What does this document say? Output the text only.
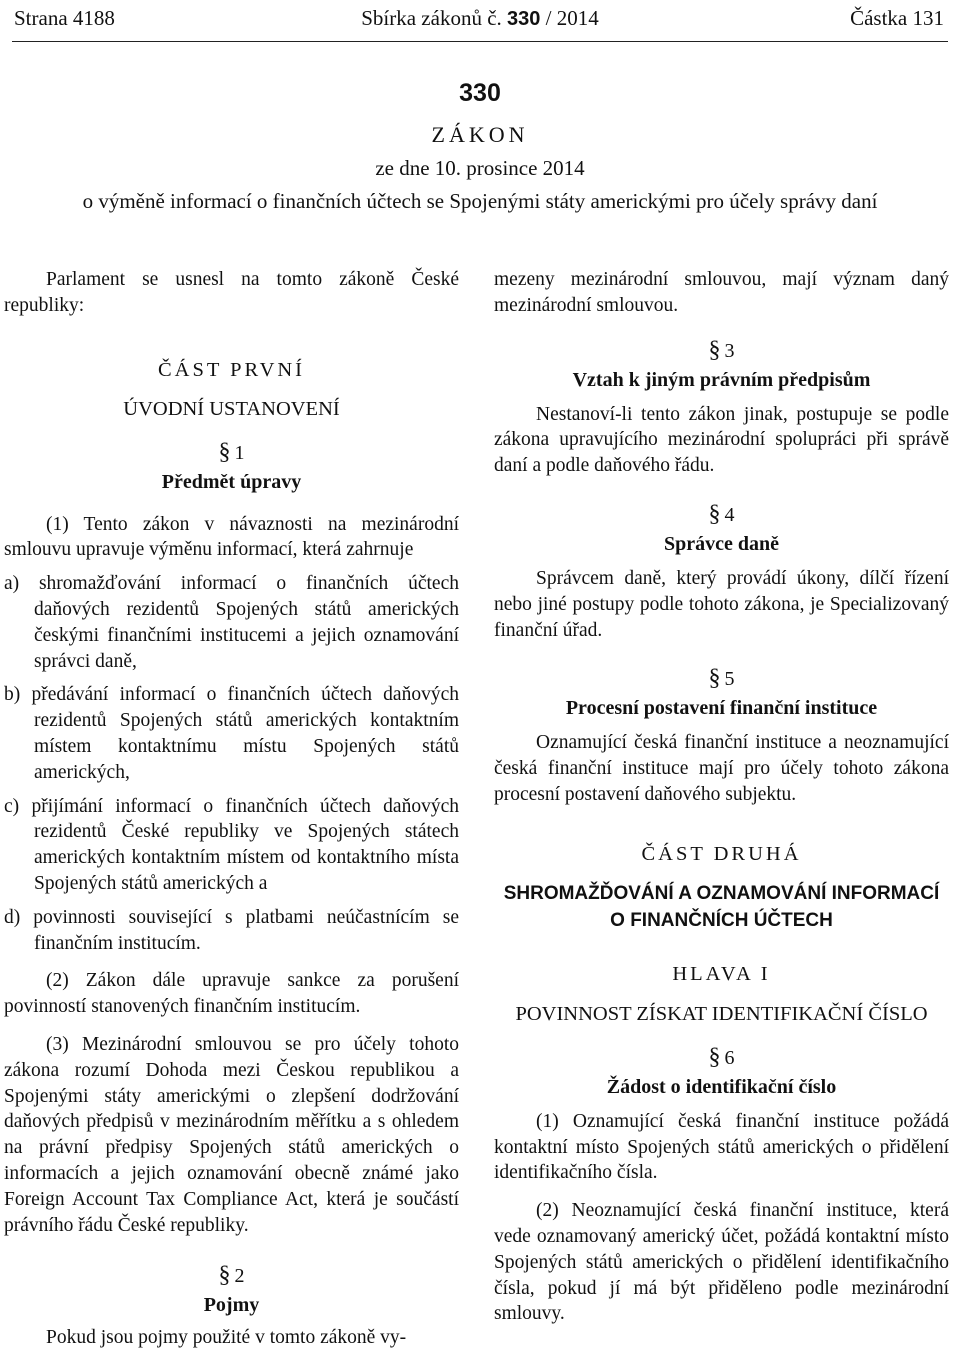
Strana 4188	Sbírka zákonů č. 330 / 2014	Částka 131
330
ZÁKON
ze dne 10. prosince 2014
o výměně informací o finančních účtech se Spojenými státy americkými pro účely správy daní

Parlament se usnesl na tomto zákoně České republiky:

ČÁST PRVNÍ
ÚVODNÍ USTANOVENÍ
§ 1
Předmět úpravy

(1) Tento zákon v návaznosti na mezinárodní smlouvu upravuje výměnu informací, která zahrnuje

a) shromažďování informací o finančních účtech daňových rezidentů Spojených států amerických českými finančními institucemi a jejich oznamování správci daně,

b) předávání informací o finančních účtech daňových rezidentů Spojených států amerických kontaktním místem kontaktnímu místu Spojených států amerických,

c) přijímání informací o finančních účtech daňových rezidentů České republiky ve Spojených státech amerických kontaktním místem od kontaktního místa Spojených států amerických a

d) povinnosti související s platbami neúčastnícím se finančním institucím.

(2) Zákon dále upravuje sankce za porušení povinností stanovených finančním institucím.

(3) Mezinárodní smlouvou se pro účely tohoto zákona rozumí Dohoda mezi Českou republikou a Spojenými státy americkými o zlepšení dodržování daňových předpisů v mezinárodním měřítku a s ohledem na právní předpisy Spojených států amerických o informacích a jejich oznamování obecně známé jako Foreign Account Tax Compliance Act, která je součástí právního řádu České republiky.

§ 2
Pojmy

Pokud jsou pojmy použité v tomto zákoně vy-

mezeny mezinárodní smlouvou, mají význam daný mezinárodní smlouvou.

§ 3
Vztah k jiným právním předpisům

Nestanoví-li tento zákon jinak, postupuje se podle zákona upravujícího mezinárodní spolupráci při správě daní a podle daňového řádu.

§ 4
Správce daně

Správcem daně, který provádí úkony, dílčí řízení nebo jiné postupy podle tohoto zákona, je Specializovaný finanční úřad.

§ 5
Procesní postavení finanční instituce

Oznamující česká finanční instituce a neoznamující česká finanční instituce mají pro účely tohoto zákona procesní postavení daňového subjektu.

ČÁST DRUHÁ
SHROMAŽĎOVÁNÍ A OZNAMOVÁNÍ INFORMACÍ O FINANČNÍCH ÚČTECH
HLAVA I
POVINNOST ZÍSKAT IDENTIFIKAČNÍ ČÍSLO
§ 6
Žádost o identifikační číslo

(1) Oznamující česká finanční instituce požádá kontaktní místo Spojených států amerických o přidělení identifikačního čísla.

(2) Neoznamující česká finanční instituce, která vede oznamovaný americký účet, požádá kontaktní místo Spojených států amerických o přidělení identifikačního čísla, pokud jí má být přiděleno podle mezinárodní smlouvy.
